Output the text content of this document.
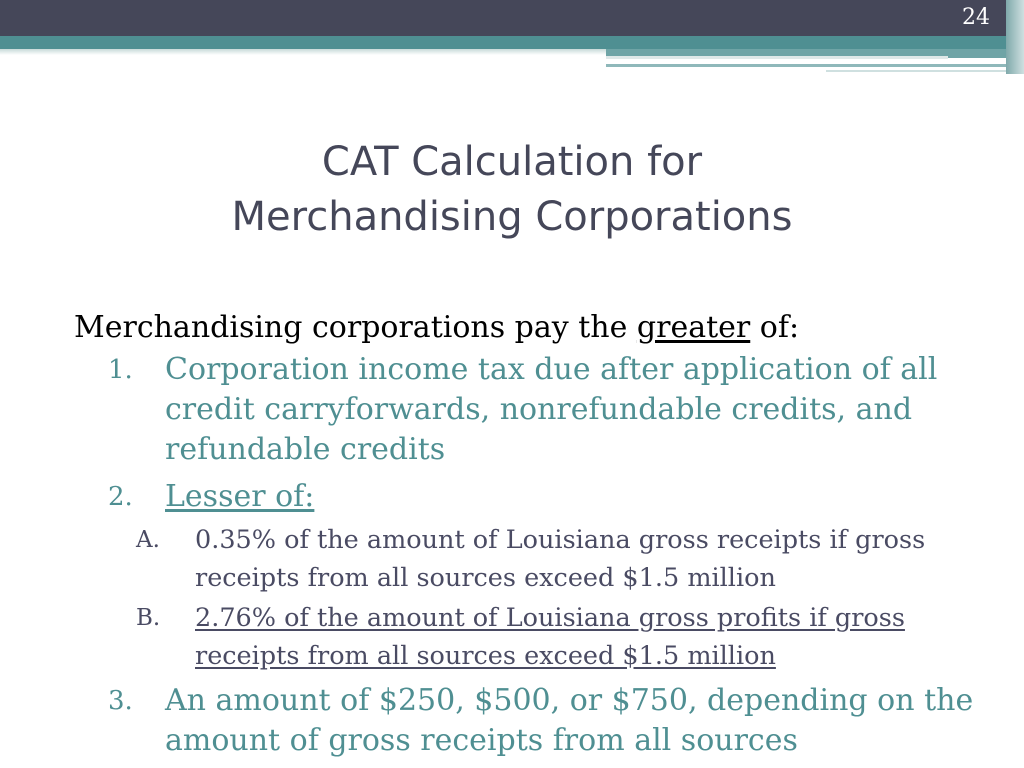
24
CAT Calculation for
Merchandising Corporations
Merchandising corporations pay the greater of:
1. Corporation income tax due after application of all credit carryforwards, nonrefundable credits, and refundable credits
2. Lesser of:
A. 0.35% of the amount of Louisiana gross receipts if gross receipts from all sources exceed $1.5 million
B. 2.76% of the amount of Louisiana gross profits if gross receipts from all sources exceed $1.5 million
3. An amount of $250, $500, or $750, depending on the amount of gross receipts from all sources
